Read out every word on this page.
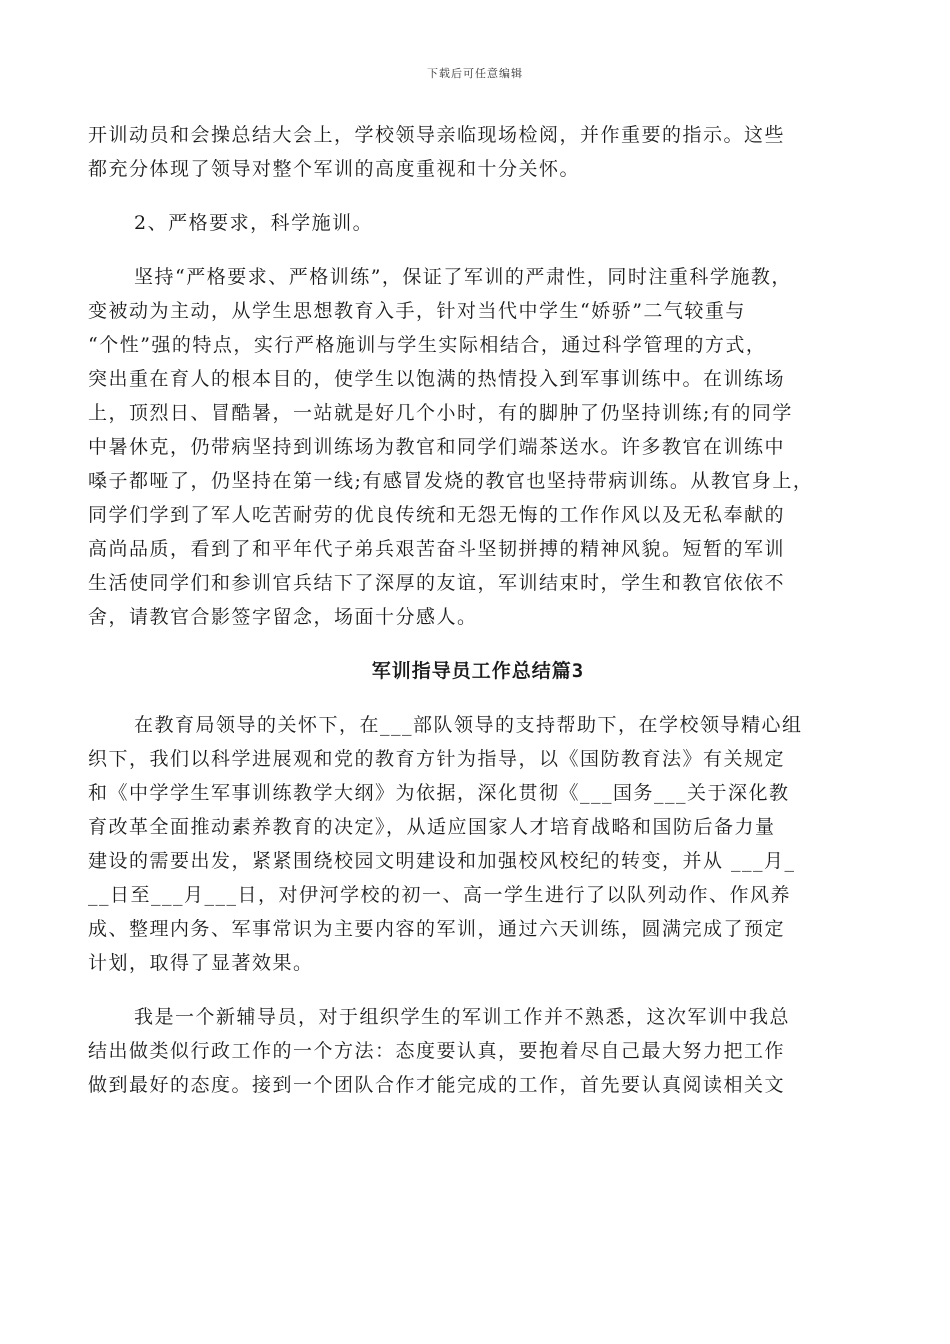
下载后可任意编辑
开训动员和会操总结大会上，学校领导亲临现场检阅，并作重要的指示。这些
都充分体现了领导对整个军训的高度重视和十分关怀。
2、严格要求，科学施训。
坚持“严格要求、严格训练”，保证了军训的严肃性，同时注重科学施教，
变被动为主动，从学生思想教育入手，针对当代中学生“娇骄”二气较重与
“个性”强的特点，实行严格施训与学生实际相结合，通过科学管理的方式，
突出重在育人的根本目的，使学生以饱满的热情投入到军事训练中。在训练场
上，顶烈日、冒酷暑，一站就是好几个小时，有的脚肿了仍坚持训练;有的同学
中暑休克，仍带病坚持到训练场为教官和同学们端茶送水。许多教官在训练中
嗓子都哑了，仍坚持在第一线;有感冒发烧的教官也坚持带病训练。从教官身上，
同学们学到了军人吃苦耐劳的优良传统和无怨无悔的工作作风以及无私奉献的
高尚品质，看到了和平年代子弟兵艰苦奋斗坚韧拼搏的精神风貌。短暂的军训
生活使同学们和参训官兵结下了深厚的友谊，军训结束时，学生和教官依依不
舍，请教官合影签字留念，场面十分感人。
军训指导员工作总结篇3
在教育局领导的关怀下，在___部队领导的支持帮助下，在学校领导精心组
织下，我们以科学进展观和党的教育方针为指导，以《国防教育法》有关规定
和《中学学生军事训练教学大纲》为依据，深化贯彻《___国务___关于深化教
育改革全面推动素养教育的决定》，从适应国家人才培育战略和国防后备力量
建设的需要出发，紧紧围绕校园文明建设和加强校风校纪的转变，并从 ___月_
__日至___月___日，对伊河学校的初一、高一学生进行了以队列动作、作风养
成、整理内务、军事常识为主要内容的军训，通过六天训练，圆满完成了预定
计划，取得了显著效果。
我是一个新辅导员，对于组织学生的军训工作并不熟悉，这次军训中我总
结出做类似行政工作的一个方法：态度要认真，要抱着尽自己最大努力把工作
做到最好的态度。接到一个团队合作才能完成的工作，首先要认真阅读相关文
